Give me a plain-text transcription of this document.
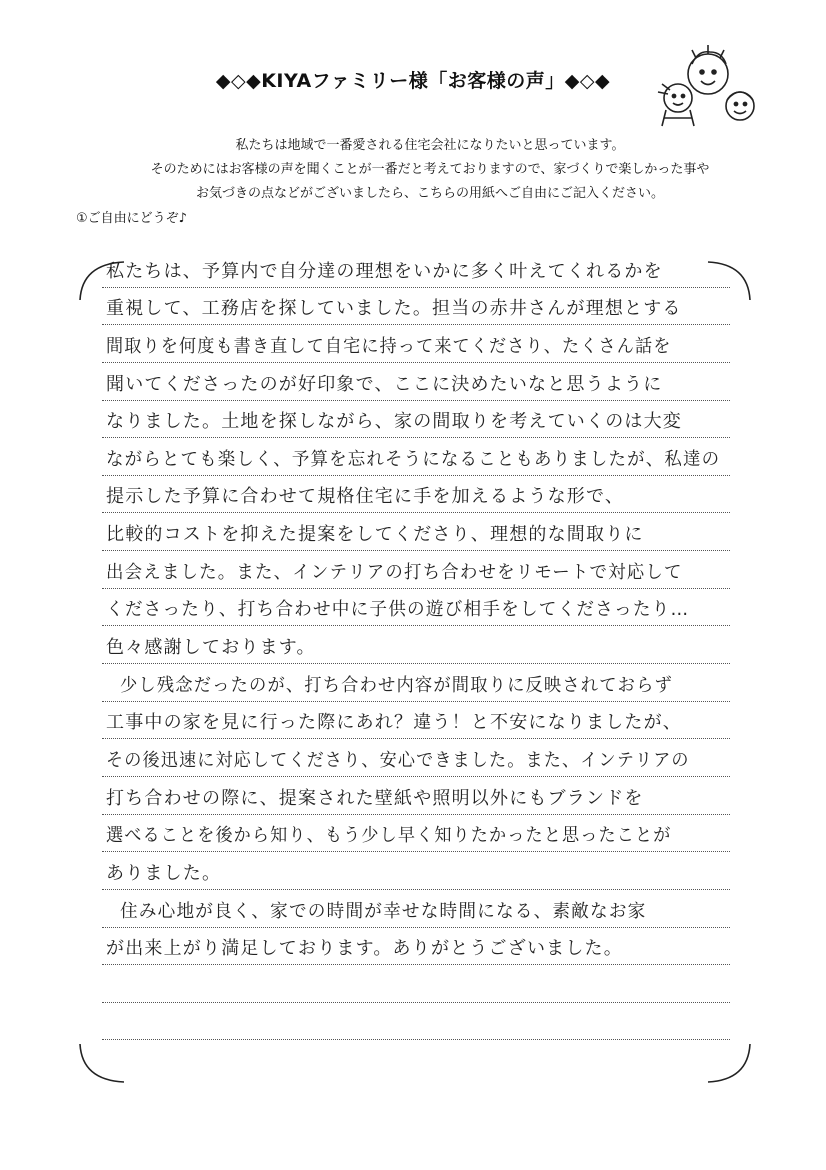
◆◇◆KIYAファミリー様「お客様の声」◆◇◆
私たちは地域で一番愛される住宅会社になりたいと思っています。
そのためにはお客様の声を聞くことが一番だと考えておりますので、家づくりで楽しかった事や
お気づきの点などがございましたら、こちらの用紙へご自由にご記入ください。
①ご自由にどうぞ♪
私たちは、予算内で自分達の理想をいかに多く叶えてくれるかを
重視して、工務店を探していました。担当の赤井さんが理想とする
間取りを何度も書き直して自宅に持って来てくださり、たくさん話を
聞いてくださったのが好印象で、ここに決めたいなと思うように
なりました。土地を探しながら、家の間取りを考えていくのは大変
ながらとても楽しく、予算を忘れそうになることもありましたが、私達の
提示した予算に合わせて規格住宅に手を加えるような形で、
比較的コストを抑えた提案をしてくださり、理想的な間取りに
出会えました。また、インテリアの打ち合わせをリモートで対応して
くださったり、打ち合わせ中に子供の遊び相手をしてくださったり…
色々感謝しております。
少し残念だったのが、打ち合わせ内容が間取りに反映されておらず
工事中の家を見に行った際にあれ？違う！と不安になりましたが、
その後迅速に対応してくださり、安心できました。また、インテリアの
打ち合わせの際に、提案された壁紙や照明以外にもブランドを
選べることを後から知り、もう少し早く知りたかったと思ったことが
ありました。
住み心地が良く、家での時間が幸せな時間になる、素敵なお家
が出来上がり満足しております。ありがとうございました。
